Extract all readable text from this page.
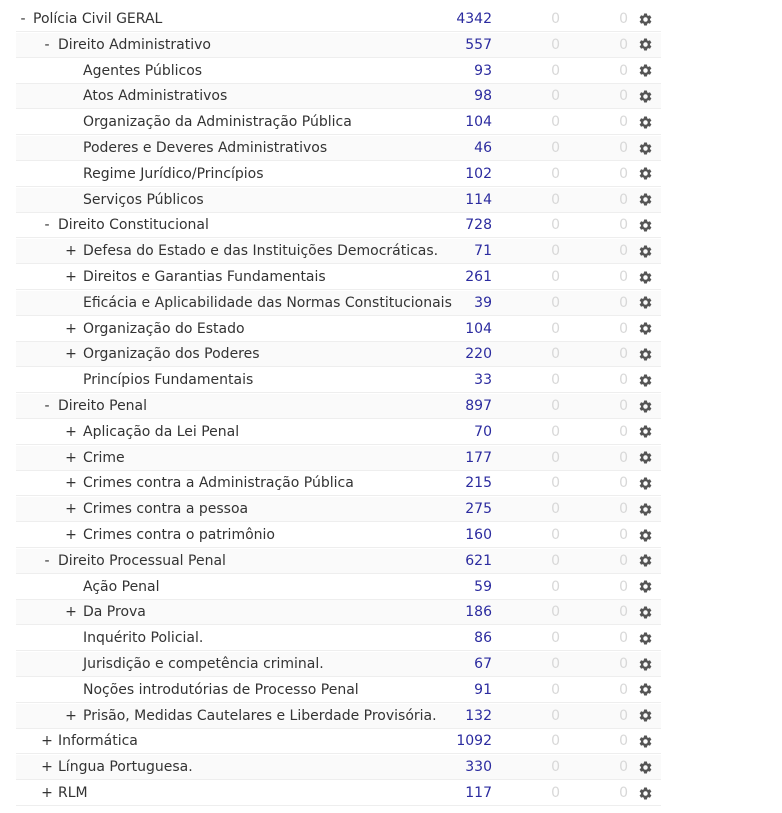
- Polícia Civil GERAL	4342	0	0
- Direito Administrativo	557	0	0
Agentes Públicos	93	0	0
Atos Administrativos	98	0	0
Organização da Administração Pública	104	0	0
Poderes e Deveres Administrativos	46	0	0
Regime Jurídico/Princípios	102	0	0
Serviços Públicos	114	0	0
- Direito Constitucional	728	0	0
+ Defesa do Estado e das Instituições Democráticas.	71	0	0
+ Direitos e Garantias Fundamentais	261	0	0
Eficácia e Aplicabilidade das Normas Constitucionais 39	0	0
+ Organização do Estado	104	0	0
+ Organização dos Poderes	220	0	0
Princípios Fundamentais	33	0	0
- Direito Penal	897	0	0
+ Aplicação da Lei Penal	70	0	0
+ Crime	177	0	0
+ Crimes contra a Administração Pública	215	0	0
+ Crimes contra a pessoa	275	0	0
+ Crimes contra o patrimônio	160	0	0
- Direito Processual Penal	621	0	0
Ação Penal	59	0	0
+ Da Prova	186	0	0
Inquérito Policial.	86	0	0
Jurisdição e competência criminal.	67	0	0
Noções introdutórias de Processo Penal	91	0	0
+ Prisão, Medidas Cautelares e Liberdade Provisória. 132	0	0
+ Informática	1092	0	0
+ Língua Portuguesa.	330	0	0
+ RLM	117	0	0
